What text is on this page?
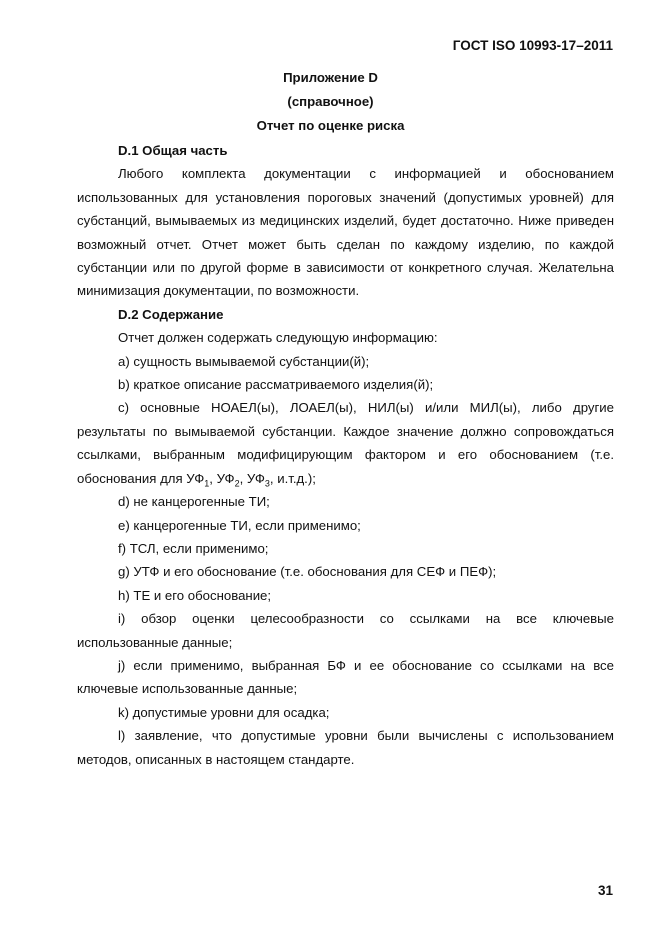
ГОСТ ISO 10993-17–2011
Приложение D
(справочное)
Отчет по оценке риска

D.1 Общая часть

Любого комплекта документации с информацией и обоснованием использованных для установления пороговых значений (допустимых уровней) для субстанций, вымываемых из медицинских изделий, будет достаточно. Ниже приведен возможный отчет. Отчет может быть сделан по каждому изделию, по каждой субстанции или по другой форме в зависимости от конкретного случая. Желательна минимизация документации, по возможности.

D.2 Содержание

Отчет должен содержать следующую информацию:

a) сущность вымываемой субстанции(й);

b) краткое описание рассматриваемого изделия(й);

c) основные НОАЕЛ(ы), ЛОАЕЛ(ы), НИЛ(ы) и/или МИЛ(ы), либо другие результаты по вымываемой субстанции. Каждое значение должно сопровождаться ссылками, выбранным модифицирующим фактором и его обоснованием (т.е. обоснования для $УФ_1$, $УФ_2$, $УФ_3$, и.т.д.);

d) не канцерогенные ТИ;

e) канцерогенные ТИ, если применимо;

f) ТСЛ, если применимо;

g) УТФ и его обоснование (т.е. обоснования для СЕФ и ПЕФ);

h) ТЕ и его обоснование;

i) обзор оценки целесообразности со ссылками на все ключевые использованные данные;

j) если применимо, выбранная БФ и ее обоснование со ссылками на все ключевые использованные данные;

k) допустимые уровни для осадка;

l) заявление, что допустимые уровни были вычислены с использованием методов, описанных в настоящем стандарте.

31
